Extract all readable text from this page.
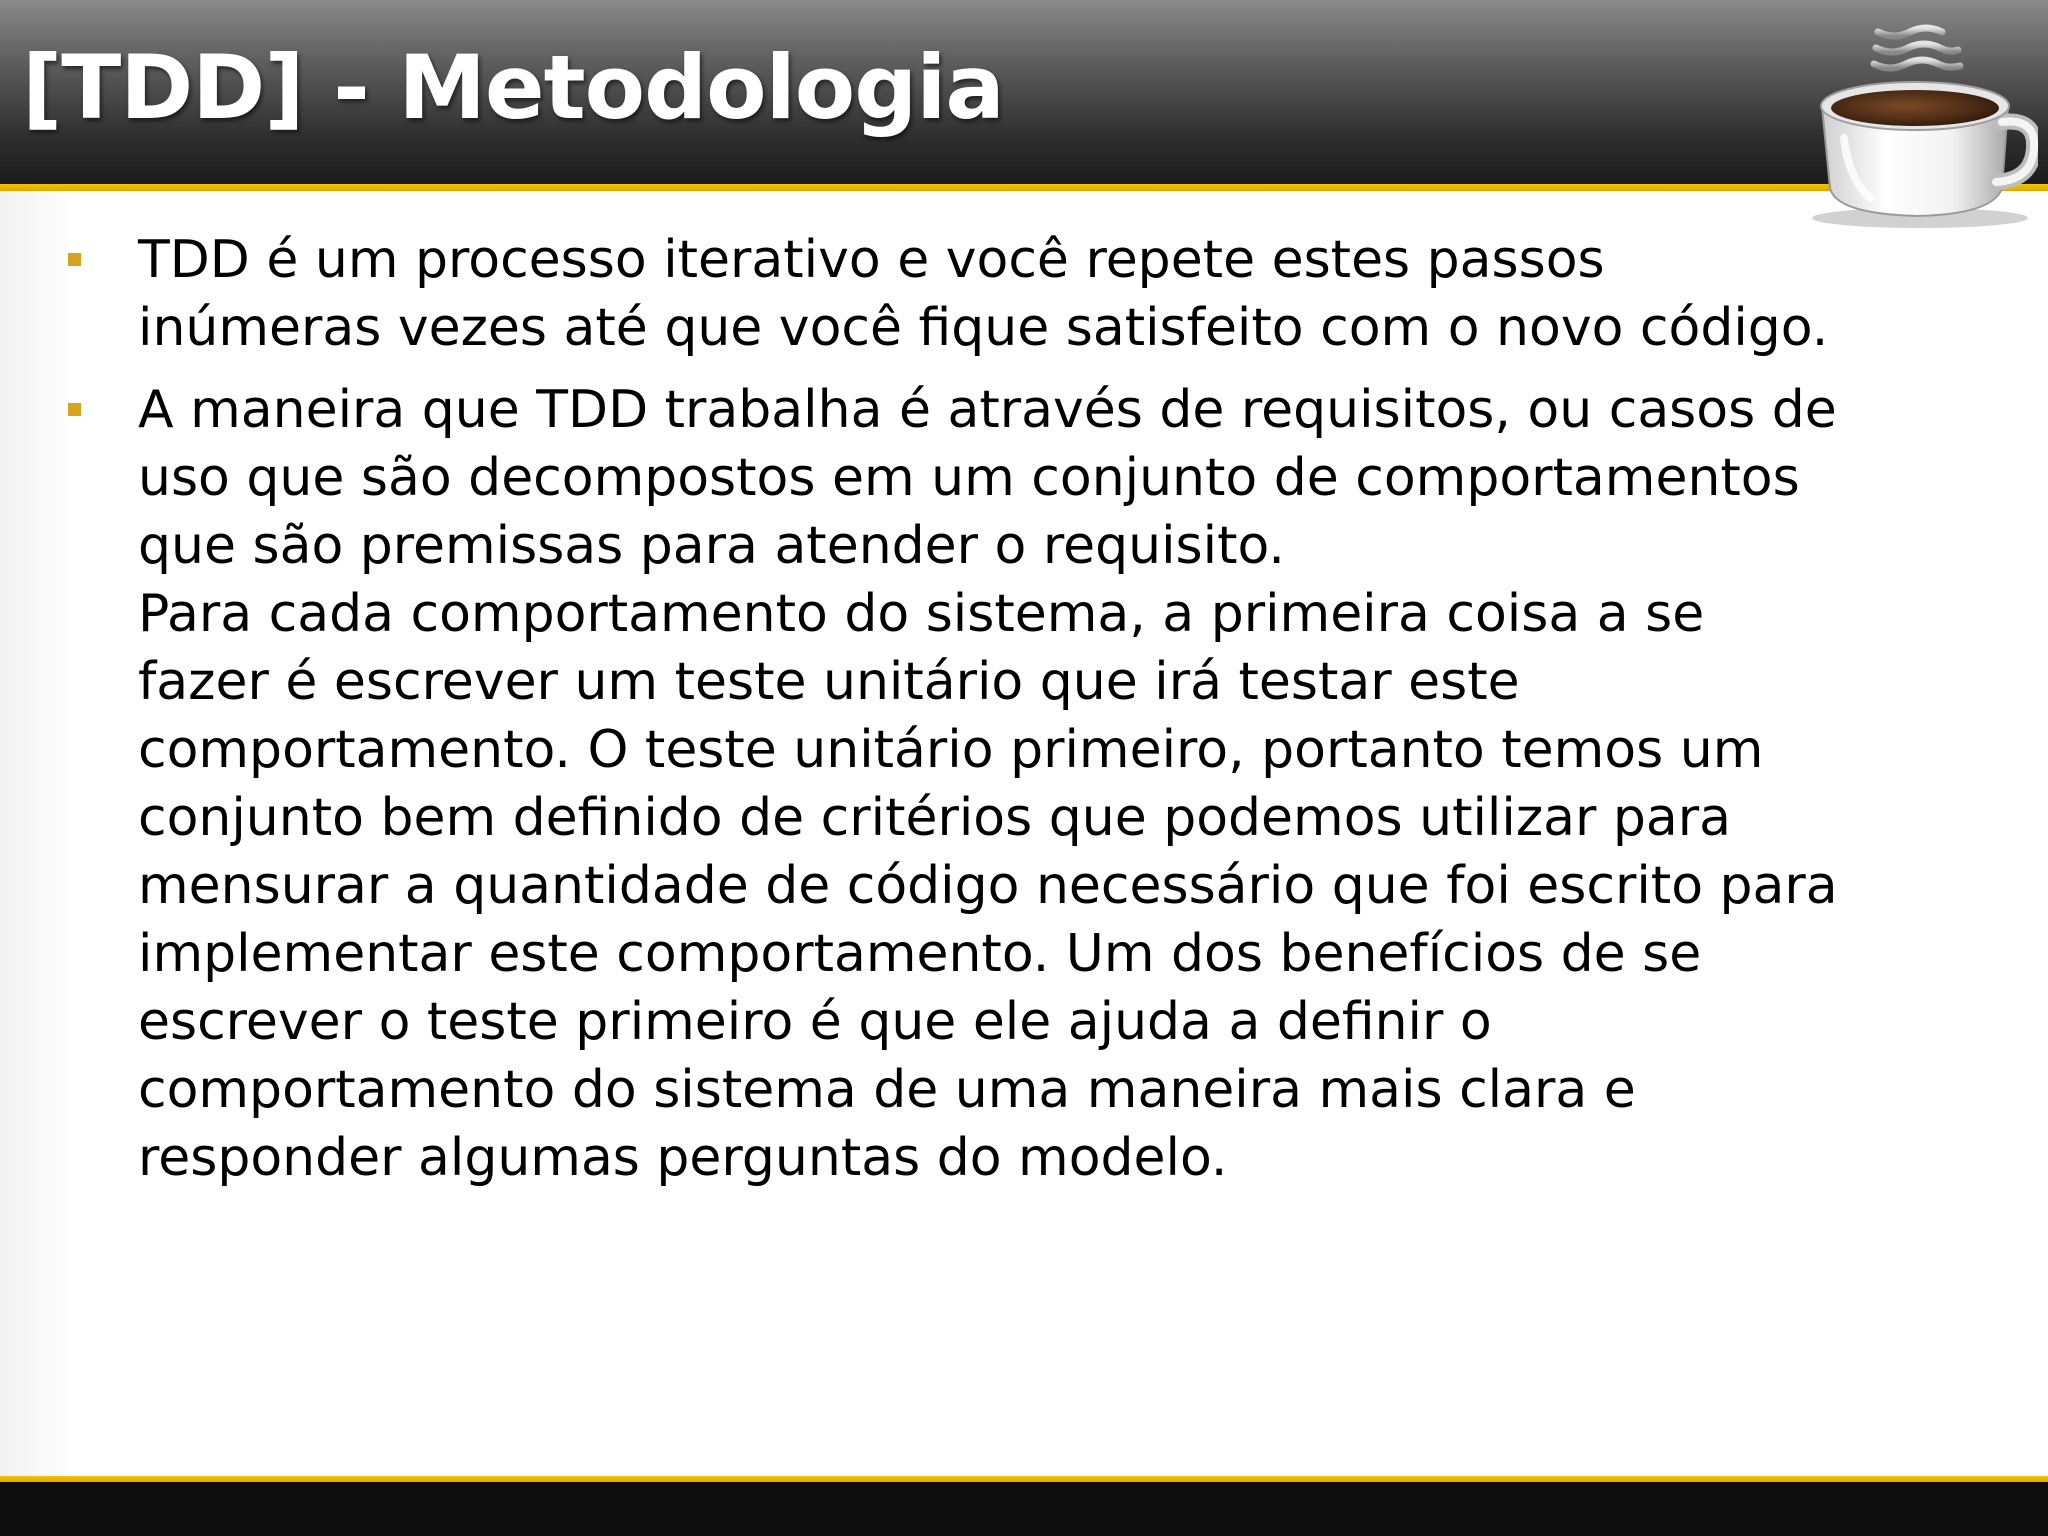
[TDD] - Metodologia

TDD é um processo iterativo e você repete estes passos

inúmeras vezes até que você fique satisfeito com o novo código.

A maneira que TDD trabalha é através de requisitos, ou casos de

uso que são decompostos em um conjunto de comportamentos

que são premissas para atender o requisito.

Para cada comportamento do sistema, a primeira coisa a se

fazer é escrever um teste unitário que irá testar este

comportamento. O teste unitário primeiro, portanto temos um

conjunto bem definido de critérios que podemos utilizar para

mensurar a quantidade de código necessário que foi escrito para

implementar este comportamento. Um dos benefícios de se

escrever o teste primeiro é que ele ajuda a definir o

comportamento do sistema de uma maneira mais clara e

responder algumas perguntas do modelo.
